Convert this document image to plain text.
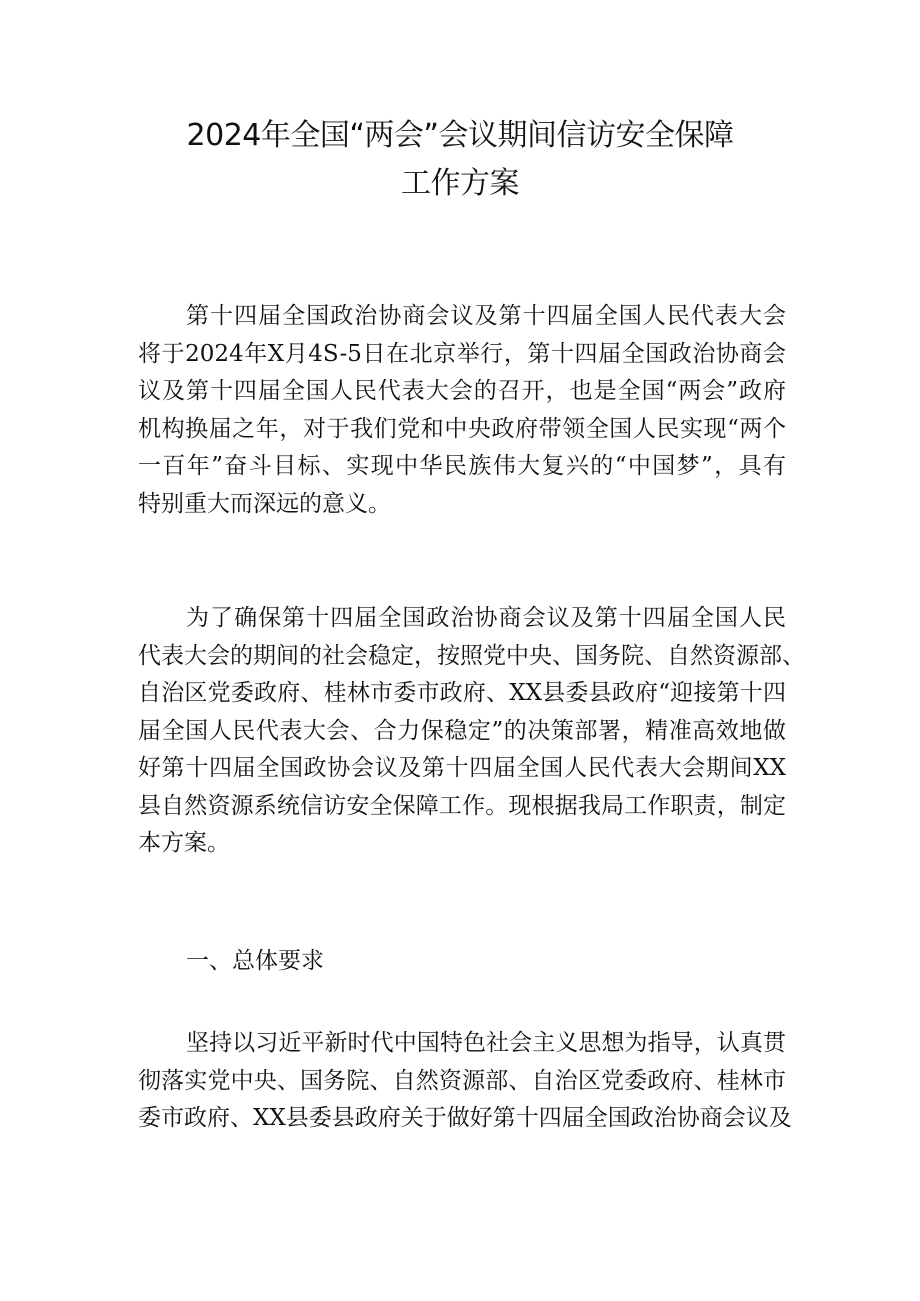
2024年全国“两会”会议期间信访安全保障
工作方案

第十四届全国政治协商会议及第十四届全国人民代表大会
将于2024年X月4S-5日在北京举行，第十四届全国政治协商会
议及第十四届全国人民代表大会的召开，也是全国“两会”政府
机构换届之年，对于我们党和中央政府带领全国人民实现“两个
一百年”奋斗目标、实现中华民族伟大复兴的“中国梦”，具有
特别重大而深远的意义。

为了确保第十四届全国政治协商会议及第十四届全国人民
代表大会的期间的社会稳定，按照党中央、国务院、自然资源部、
自治区党委政府、桂林市委市政府、XX县委县政府“迎接第十四
届全国人民代表大会、合力保稳定”的决策部署，精准高效地做
好第十四届全国政协会议及第十四届全国人民代表大会期间XX
县自然资源系统信访安全保障工作。现根据我局工作职责，制定
本方案。

一、总体要求

坚持以习近平新时代中国特色社会主义思想为指导，认真贯
彻落实党中央、国务院、自然资源部、自治区党委政府、桂林市
委市政府、XX县委县政府关于做好第十四届全国政治协商会议及
